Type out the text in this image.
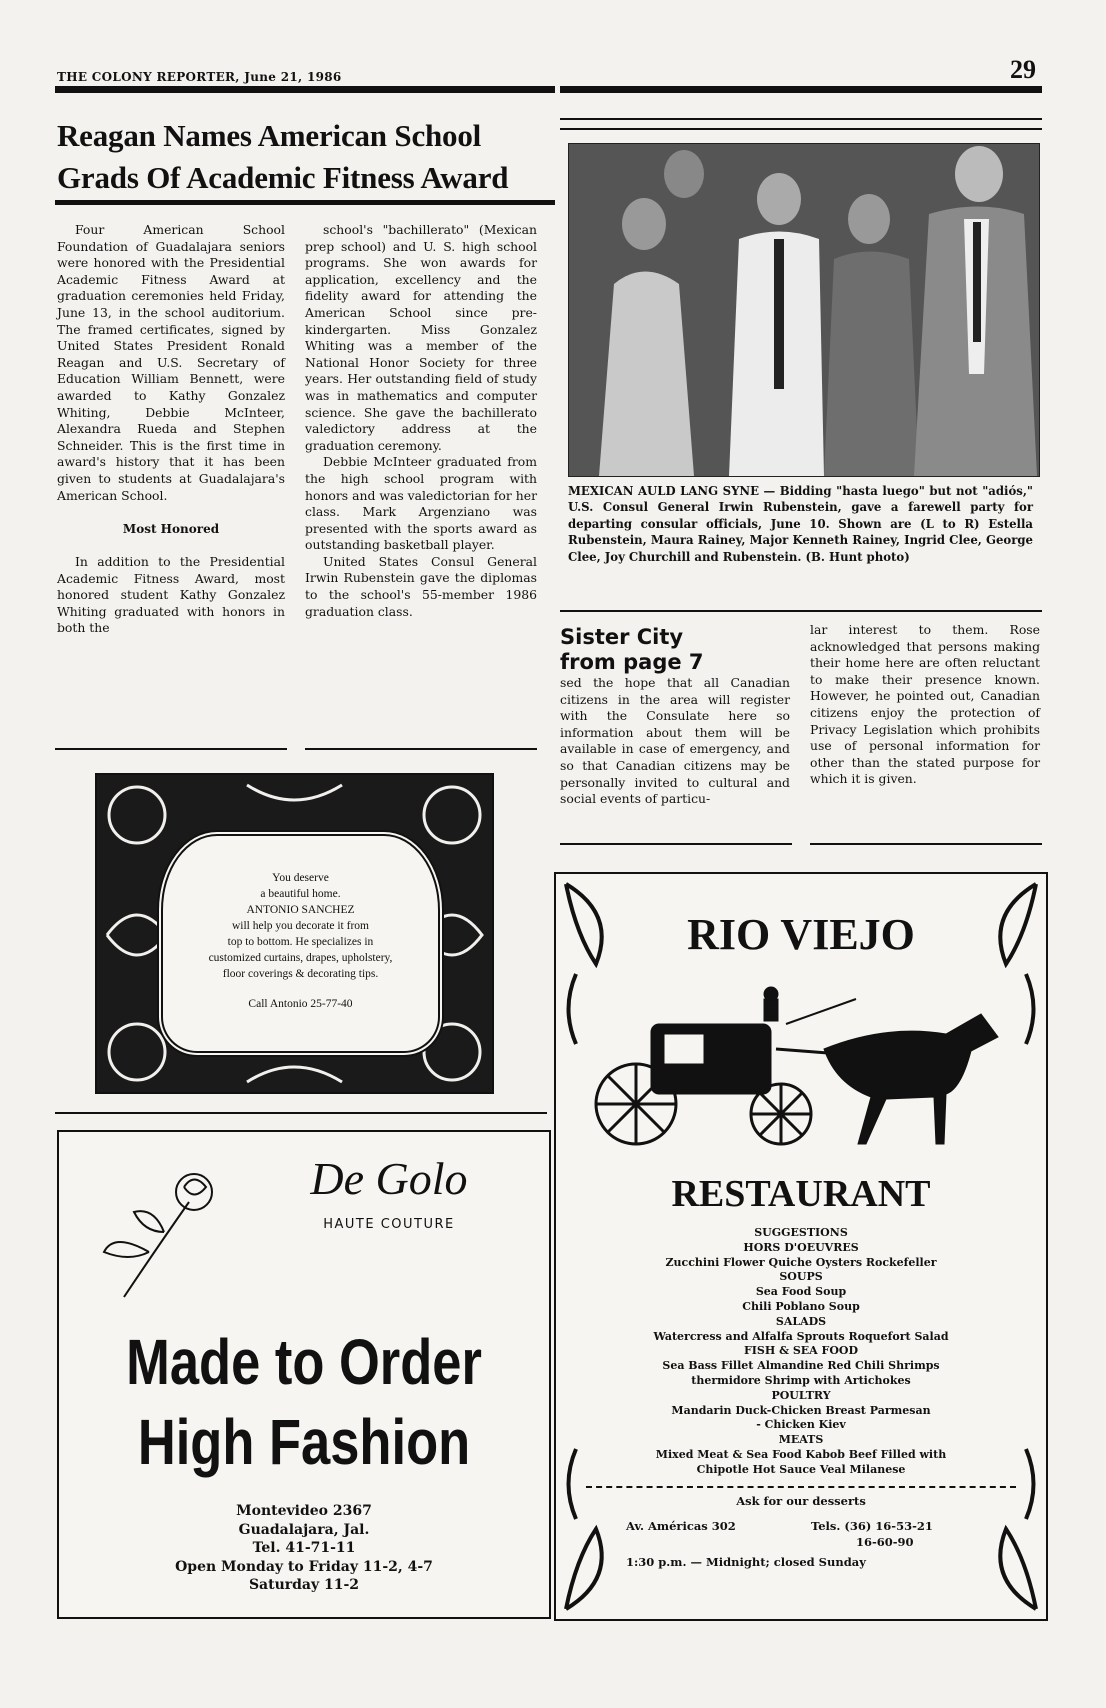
THE COLONY REPORTER, June 21, 1986	29
Reagan Names American School
Grads Of Academic Fitness Award

Four American School Foundation of Guadalajara seniors were honored with the Presidential Academic Fitness Award at graduation ceremonies held Friday, June 13, in the school auditorium. The framed certificates, signed by United States President Ronald Reagan and U.S. Secretary of Education William Bennett, were awarded to Kathy Gonzalez Whiting, Debbie McInteer, Alexandra Rueda and Stephen Schneider. This is the first time in award's history that it has been given to students at Guadalajara's American School.

Most Honored

In addition to the Presidential Academic Fitness Award, most honored student Kathy Gonzalez Whiting graduated with honors in both the

school's "bachillerato" (Mexican prep school) and U. S. high school programs. She won awards for application, excellency and the fidelity award for attending the American School since pre-kindergarten. Miss Gonzalez Whiting was a member of the National Honor Society for three years. Her outstanding field of study was in mathematics and computer science. She gave the bachillerato valedictory address at the graduation ceremony.

Debbie McInteer graduated from the high school program with honors and was valedictorian for her class. Mark Argenziano was presented with the sports award as outstanding basketball player.

United States Consul General Irwin Rubenstein gave the diplomas to the school's 55-member 1986 graduation class.

MEXICAN AULD LANG SYNE — Bidding "hasta luego" but not "adiós," U.S. Consul General Irwin Rubenstein, gave a farewell party for departing consular officials, June 10. Shown are (L to R) Estella Rubenstein, Maura Rainey, Major Kenneth Rainey, Ingrid Clee, George Clee, Joy Churchill and Rubenstein. (B. Hunt photo)
Sister City
from page 7
sed the hope that all Canadian citizens in the area will register with the Consulate here so information about them will be available in case of emergency, and so that Canadian citizens may be personally invited to cultural and social events of particu-
lar interest to them. Rose acknowledged that persons making their home here are often reluctant to make their presence known. However, he pointed out, Canadian citizens enjoy the protection of Privacy Legislation which prohibits use of personal information for other than the stated purpose for which it is given.
You deserve
a beautiful home.
ANTONIO SANCHEZ
will help you decorate it from
top to bottom. He specializes in
customized curtains, drapes, upholstery,
floor coverings & decorating tips.
Call Antonio 25-77-40
De Golo
HAUTE COUTURE
Made to Order
High Fashion
Montevideo 2367
Guadalajara, Jal.
Tel. 41-71-11
Open Monday to Friday 11-2, 4-7
Saturday 11-2
RIO VIEJO
RESTAURANT
SUGGESTIONS
HORS D'OEUVRES
Zucchini Flower Quiche Oysters Rockefeller
SOUPS
Sea Food Soup
Chili Poblano Soup
SALADS
Watercress and Alfalfa Sprouts Roquefort Salad
FISH & SEA FOOD
Sea Bass Fillet Almandine Red Chili Shrimps
thermidore Shrimp with Artichokes
POULTRY
Mandarin Duck-Chicken Breast Parmesan
- Chicken Kiev
MEATS
Mixed Meat & Sea Food Kabob Beef Filled with
Chipotle Hot Sauce Veal Milanese
Ask for our desserts
Av. Américas 302	Tels. (36) 16-53-21
16-60-90
1:30 p.m. — Midnight; closed Sunday
